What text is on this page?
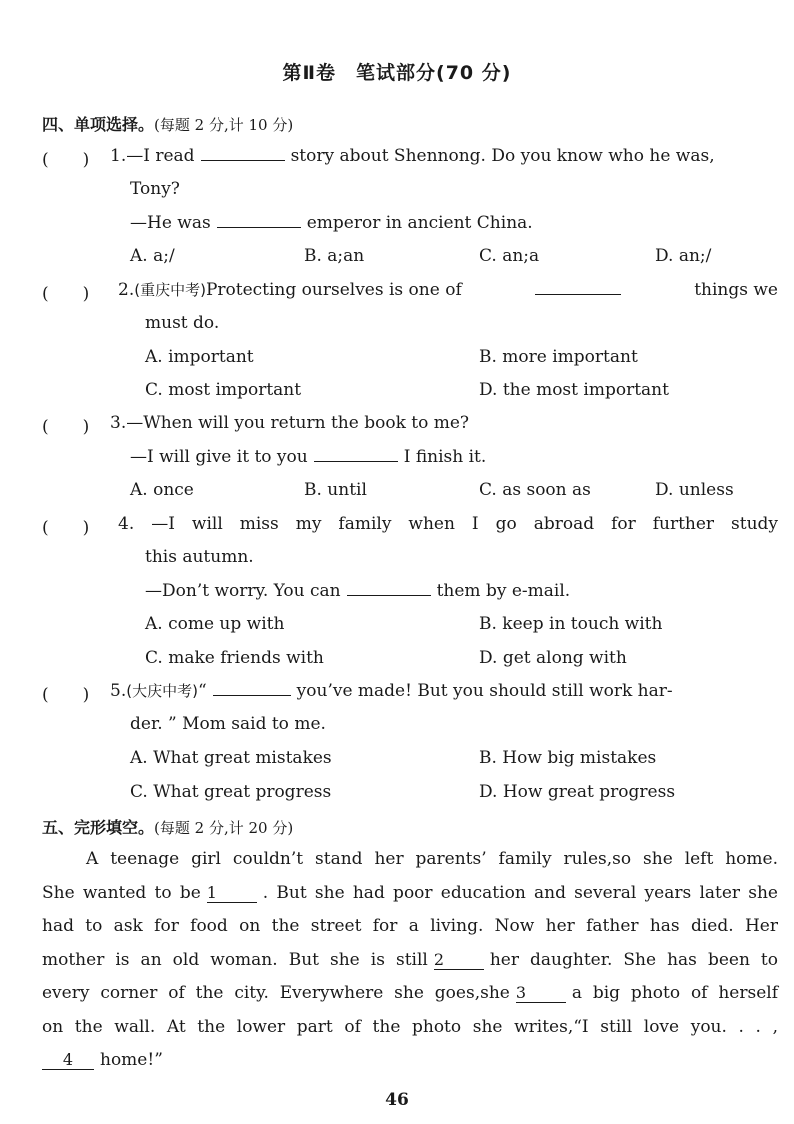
第Ⅱ卷　笔试部分(70 分)
四、单项选择。(每题 2 分,计 10 分)
(　　) 1.—I read	story about Shennong. Do you know who he was,
Tony?
—He was	emperor in ancient China.
A. a;/	B. a;an	C. an;a	D. an;/
(　　) 2.(重庆中考)Protecting ourselves is one of	things we
must do.
A. important	B. more important
C. most important	D. the most important
(　　) 3.—When will you return the book to me?
—I will give it to you	I finish it.
A. once	B. until	C. as soon as	D. unless
(　　) 4. —I will miss my family when I go abroad for further study
this autumn.
—Don’t worry. You can	them by e-mail.
A. come up with	B. keep in touch with
C. make friends with	D. get along with
(　　) 5.(大庆中考)“	you’ve made! But you should still work har-
der. ” Mom said to me.
A. What great mistakes	B. How big mistakes
C. What great progress	D. How great progress
五、完形填空。(每题 2 分,计 20 分)
A teenage girl couldn’t stand her parents’ family rules,so she left home.
She wanted to be 1	. But she had poor education and several years later she
had to ask for food on the street for a living. Now her father has died. Her
mother is an old woman. But she is still 2	her daughter. She has been to
every corner of the city. Everywhere she goes,she 3	a big photo of herself
on the wall. At the lower part of the photo she writes,“I still love you. . . ,
4 home!”
46
